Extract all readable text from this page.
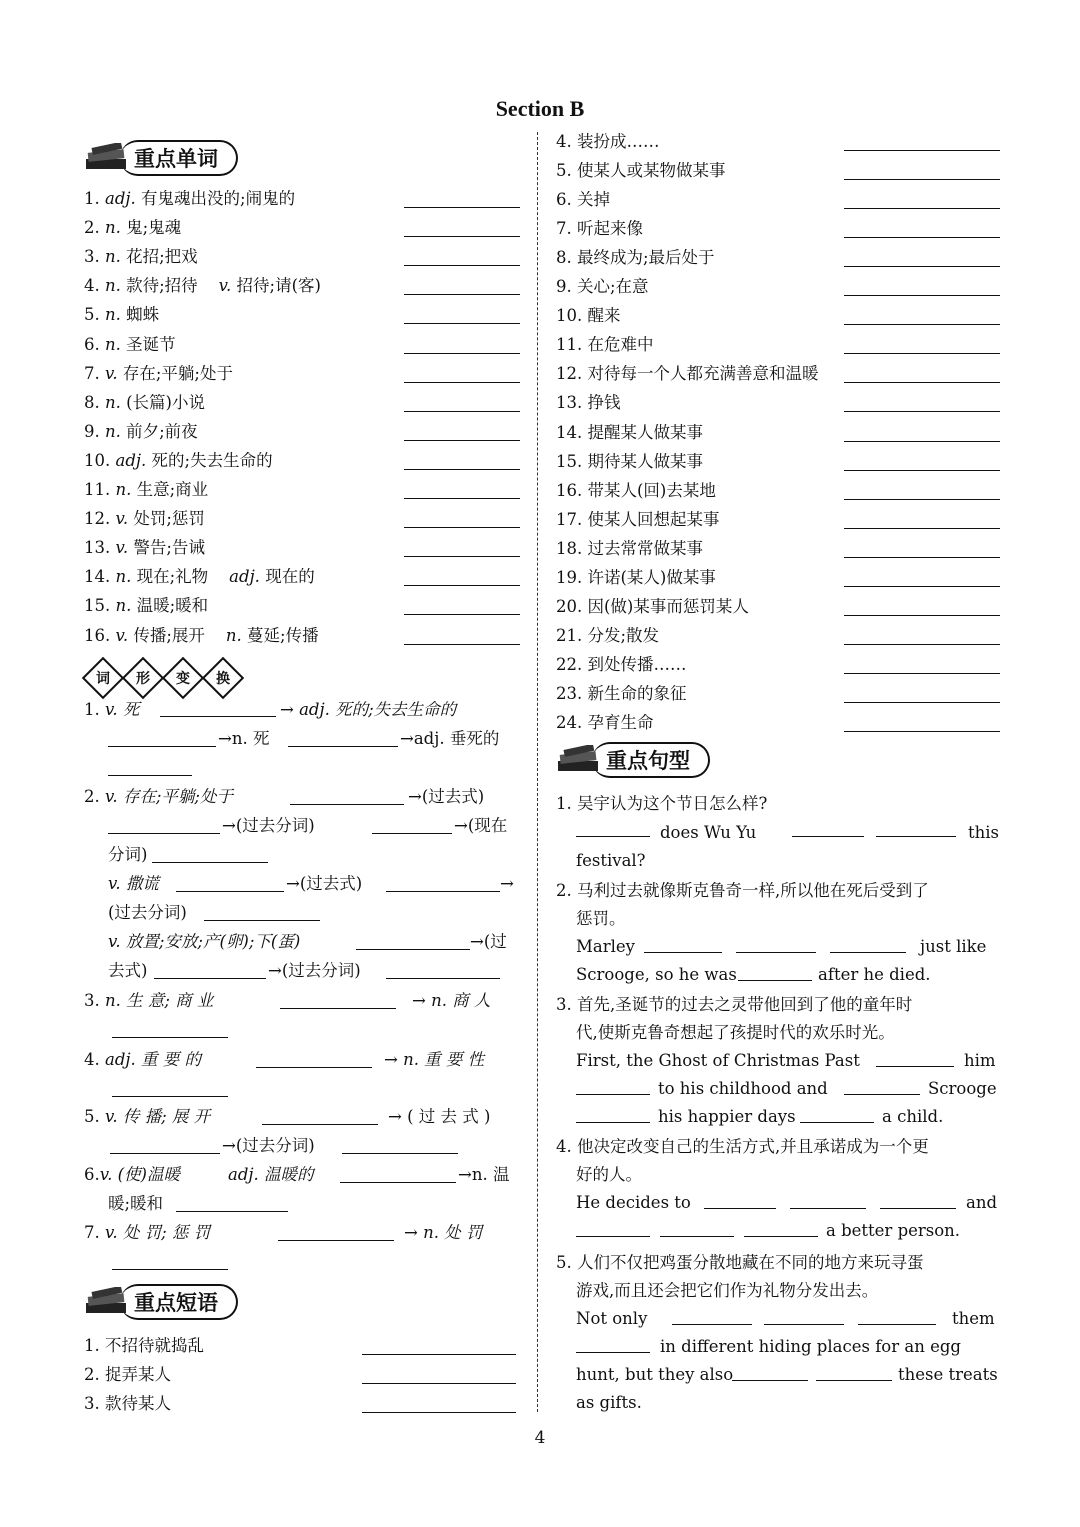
Section B
重点单词
1. adj. 有鬼魂出没的;闹鬼的
2. n. 鬼;鬼魂
3. n. 花招;把戏
4. n. 款待;招待 v. 招待;请(客)
5. n. 蜘蛛
6. n. 圣诞节
7. v. 存在;平躺;处于
8. n. (长篇)小说
9. n. 前夕;前夜
10. adj. 死的;失去生命的
11. n. 生意;商业
12. v. 处罚;惩罚
13. v. 警告;告诫
14. n. 现在;礼物 adj. 现在的
15. n. 温暖;暖和
16. v. 传播;展开 n. 蔓延;传播
词 形 变 换
1. v. 死	→ adj. 死的;失去生命的
→n. 死	→adj. 垂死的
2. v. 存在;平躺;处于	→(过去式)
→(过去分词)	→(现在
分词)
v. 撒谎	→(过去式)	→
(过去分词)
v. 放置;安放;产(卵);下(蛋)	→(过
去式)	→(过去分词)
3. n. 生 意; 商 业	→ n. 商 人
4. adj. 重 要 的	→ n. 重 要 性
5. v. 传 播; 展 开	→ ( 过 去 式 )
→(过去分词)
6.v. (使)温暖	adj. 温暖的	→n. 温
暖;暖和
7. v. 处 罚; 惩 罚	→ n. 处 罚
重点短语
1. 不招待就捣乱
2. 捉弄某人
3. 款待某人
4. 装扮成……
5. 使某人或某物做某事
6. 关掉
7. 听起来像
8. 最终成为;最后处于
9. 关心;在意
10. 醒来
11. 在危难中
12. 对待每一个人都充满善意和温暖
13. 挣钱
14. 提醒某人做某事
15. 期待某人做某事
16. 带某人(回)去某地
17. 使某人回想起某事
18. 过去常常做某事
19. 许诺(某人)做某事
20. 因(做)某事而惩罚某人
21. 分发;散发
22. 到处传播……
23. 新生命的象征
24. 孕育生命
重点句型
1. 吴宇认为这个节日怎么样?
does Wu Yu	this
festival?
2. 马利过去就像斯克鲁奇一样,所以他在死后受到了
惩罚。
Marley	just like
Scrooge, so he was	after he died.
3. 首先,圣诞节的过去之灵带他回到了他的童年时
代,使斯克鲁奇想起了孩提时代的欢乐时光。
First, the Ghost of Christmas Past	him
to his childhood and	Scrooge
his happier days	a child.
4. 他决定改变自己的生活方式,并且承诺成为一个更
好的人。
He decides to	and
a better person.
5. 人们不仅把鸡蛋分散地藏在不同的地方来玩寻蛋
游戏,而且还会把它们作为礼物分发出去。
Not only	them
in different hiding places for an egg
hunt, but they also	these treats
as gifts.
4
